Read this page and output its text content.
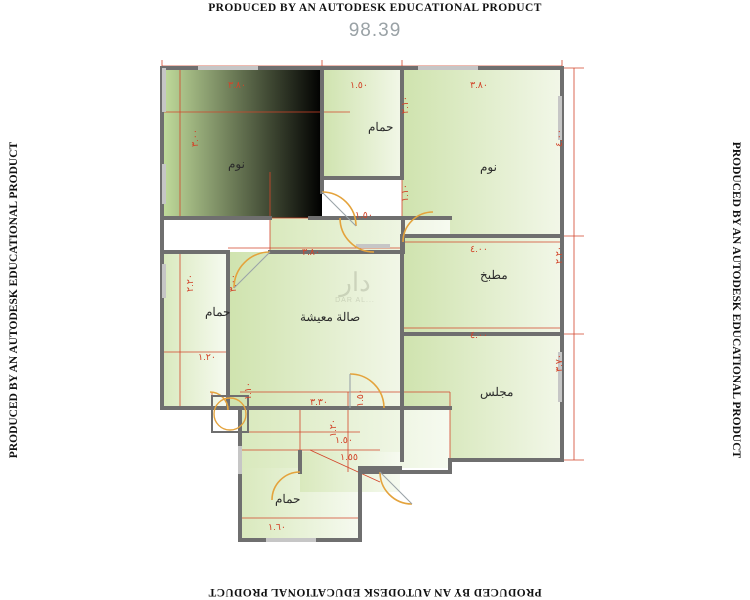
PRODUCED BY AN AUTODESK EDUCATIONAL PRODUCT
PRODUCED BY AN AUTODESK EDUCATIONAL PRODUCT
PRODUCED BY AN AUTODESK EDUCATIONAL PRODUCT	PRODUCED BY AN AUTODESK EDUCATIONAL PRODUCT
98.39
دار
DAR AL...
نوم	نوم
حمام
صالة معيشة
حمام
مطبخ
مجلس
حمام
٣.٨٠	١.٥٠	٣.٨٠
٢.١٠
٣.٠٠	٤.٠٠
١.٥٠
١.١٠
٣.٨٠	٤.٠٠	٢.٢٠
٢.٢٠	٣.٠٠
١.٢٠
٤.٠٠
٣.٧٠
٣.٣٠
١.١٠	١.٥٠
١.٥٠
١.٥٥
١.٢٠
١.٦٠
